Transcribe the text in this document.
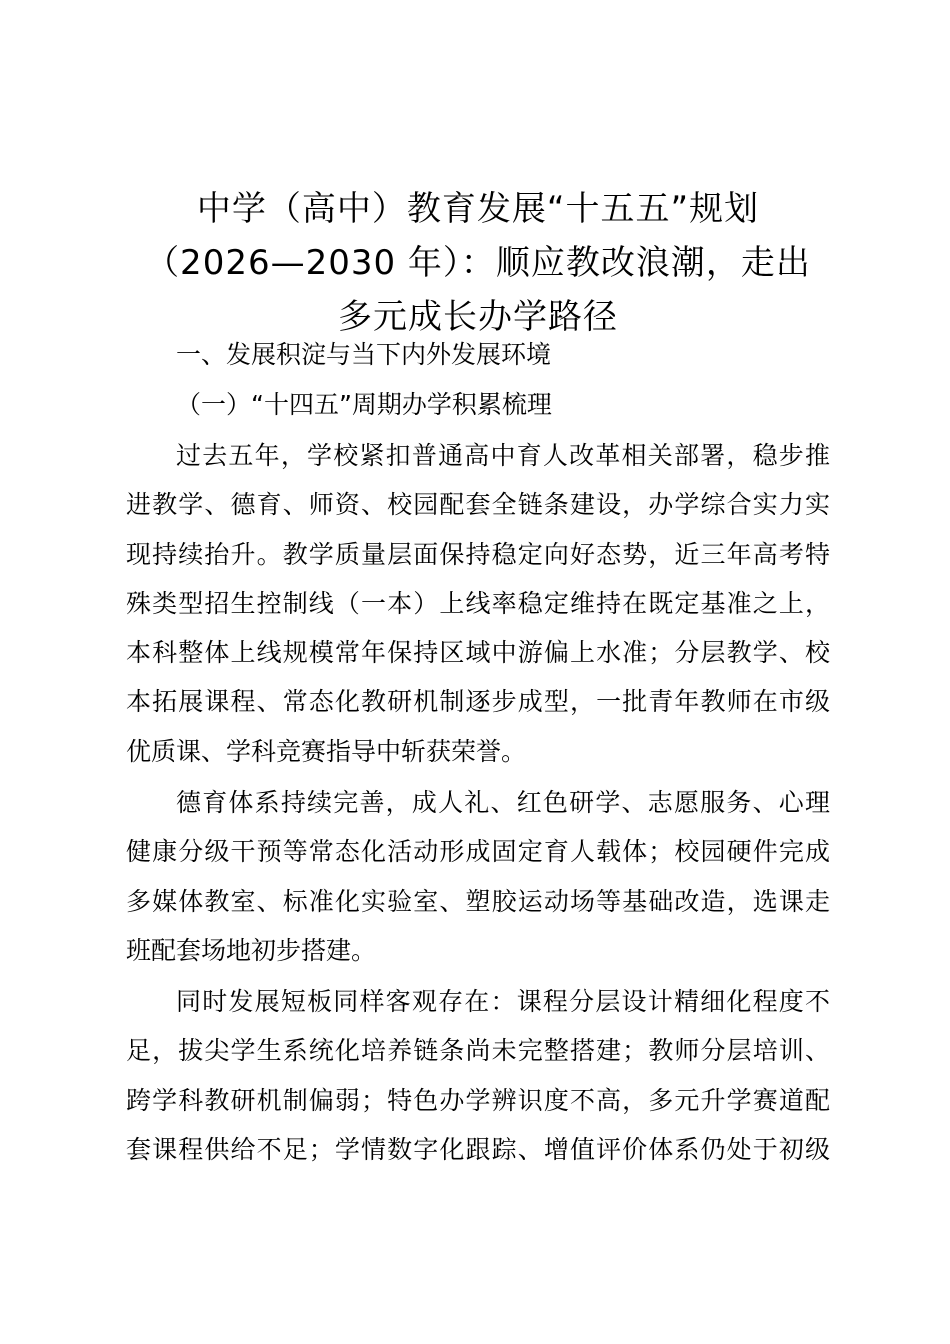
中学（高中）教育发展“十五五”规划
（2026—2030 年）：顺应教改浪潮，走出
多元成长办学路径
一、发展积淀与当下内外发展环境
（一）“十四五”周期办学积累梳理
过去五年，学校紧扣普通高中育人改革相关部署，稳步推
进教学、德育、师资、校园配套全链条建设，办学综合实力实
现持续抬升。教学质量层面保持稳定向好态势，近三年高考特
殊类型招生控制线（一本）上线率稳定维持在既定基准之上，
本科整体上线规模常年保持区域中游偏上水准；分层教学、校
本拓展课程、常态化教研机制逐步成型，一批青年教师在市级
优质课、学科竞赛指导中斩获荣誉。
德育体系持续完善，成人礼、红色研学、志愿服务、心理
健康分级干预等常态化活动形成固定育人载体；校园硬件完成
多媒体教室、标准化实验室、塑胶运动场等基础改造，选课走
班配套场地初步搭建。
同时发展短板同样客观存在：课程分层设计精细化程度不
足，拔尖学生系统化培养链条尚未完整搭建；教师分层培训、
跨学科教研机制偏弱；特色办学辨识度不高，多元升学赛道配
套课程供给不足；学情数字化跟踪、增值评价体系仍处于初级
